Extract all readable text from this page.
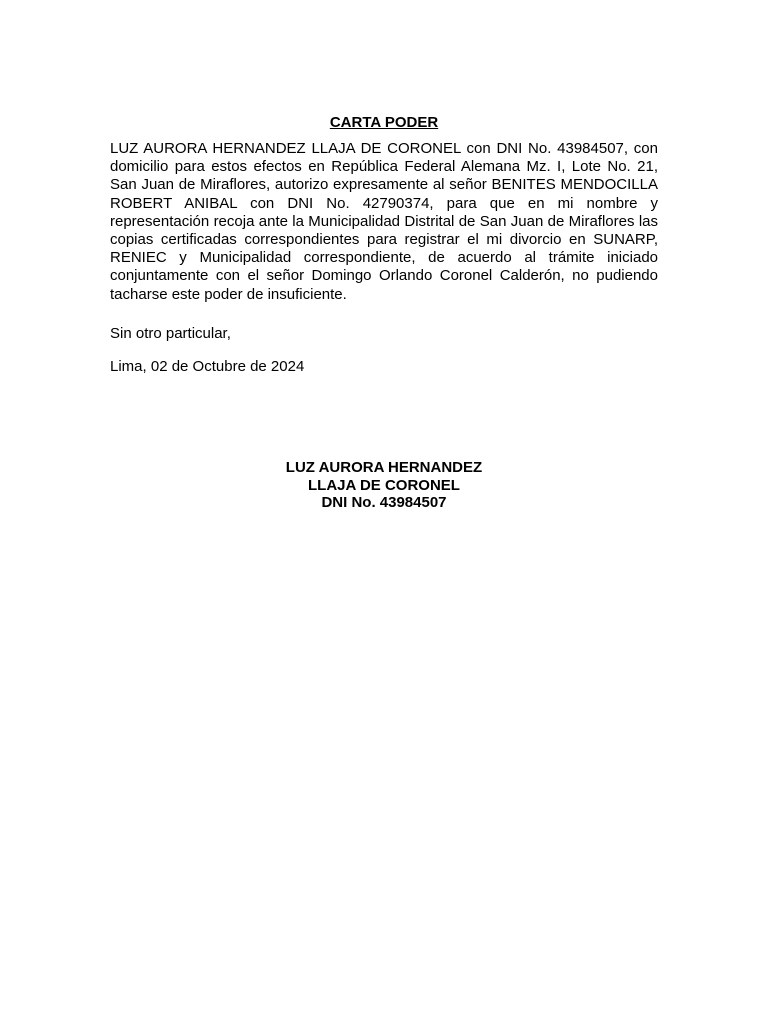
CARTA PODER

LUZ AURORA HERNANDEZ LLAJA DE CORONEL con DNI No. 43984507, con domicilio para estos efectos en República Federal Alemana Mz. I, Lote No. 21, San Juan de Miraflores, autorizo expresamente al señor BENITES MENDOCILLA ROBERT ANIBAL con DNI No. 42790374, para que en mi nombre y representación recoja ante la Municipalidad Distrital de San Juan de Miraflores las copias certificadas correspondientes para registrar el mi divorcio en SUNARP, RENIEC y Municipalidad correspondiente, de acuerdo al trámite iniciado conjuntamente con el señor Domingo Orlando Coronel Calderón, no pudiendo tacharse este poder de insuficiente.

Sin otro particular,

Lima, 02 de Octubre de 2024

LUZ AURORA HERNANDEZ
LLAJA DE CORONEL
DNI No. 43984507
